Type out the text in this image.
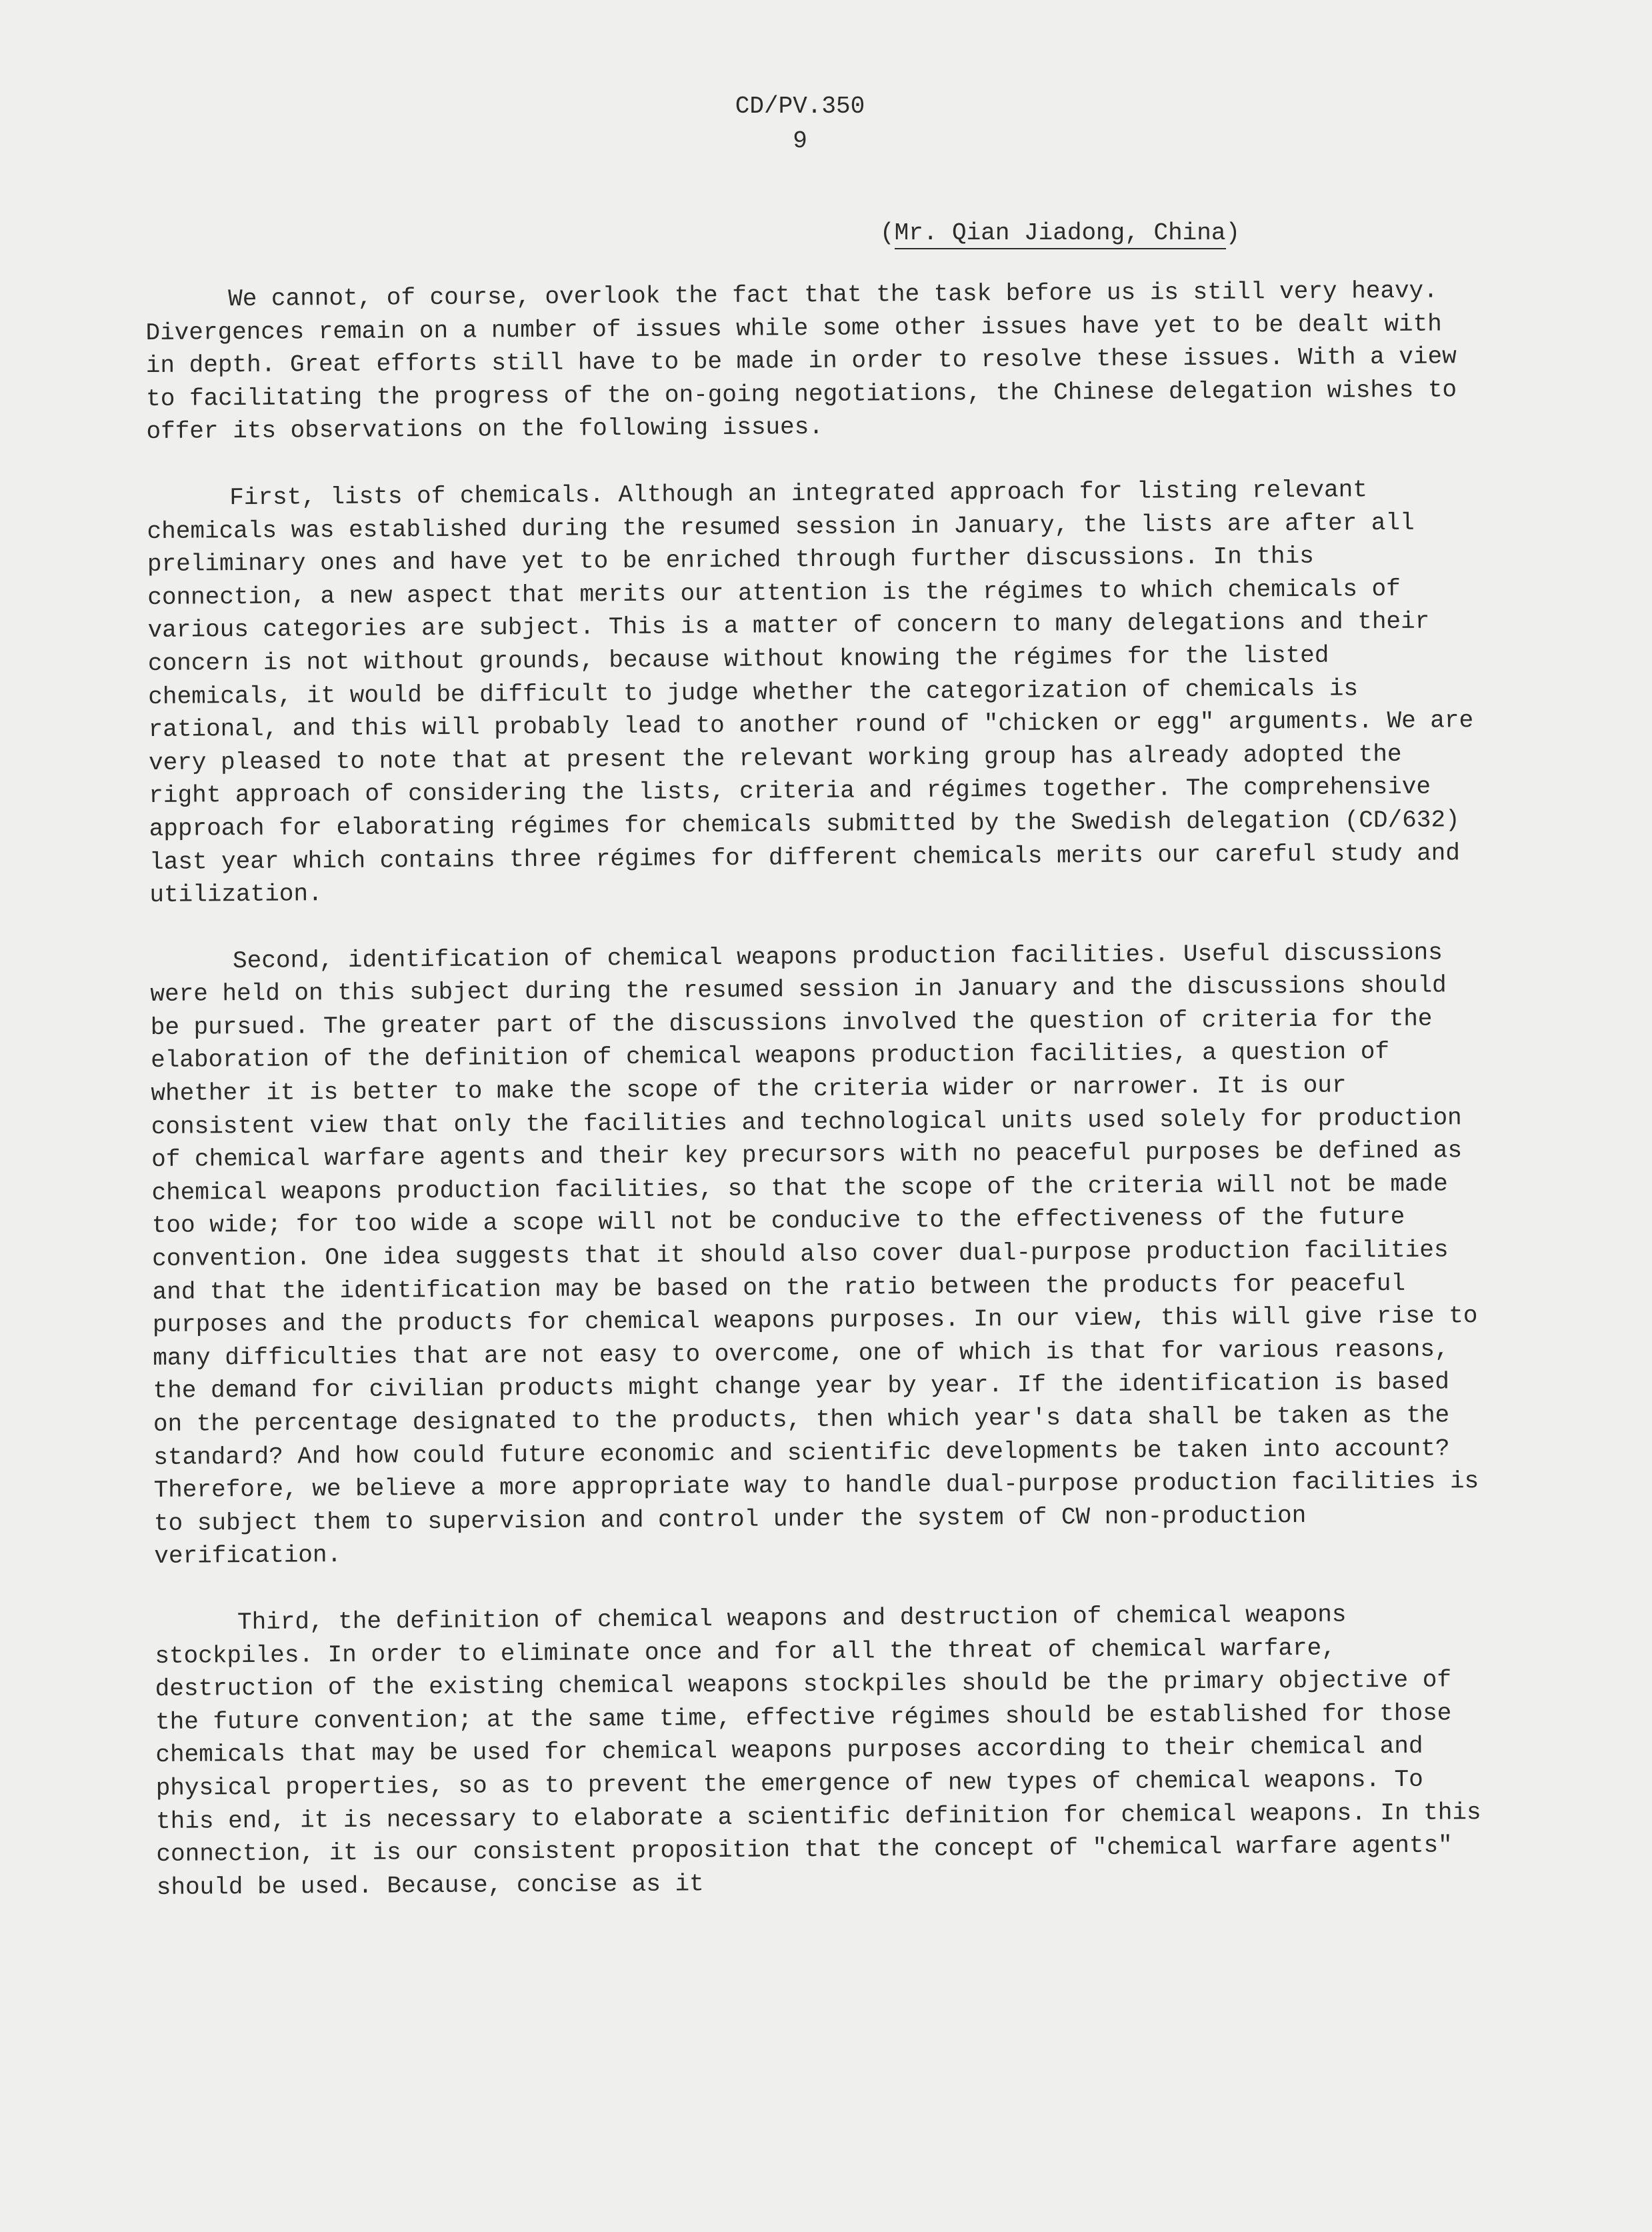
CD/PV.350
9
(Mr. Qian Jiadong, China)

We cannot, of course, overlook the fact that the task before us is still very heavy. Divergences remain on a number of issues while some other issues have yet to be dealt with in depth. Great efforts still have to be made in order to resolve these issues. With a view to facilitating the progress of the on-going negotiations, the Chinese delegation wishes to offer its observations on the following issues.

First, lists of chemicals. Although an integrated approach for listing relevant chemicals was established during the resumed session in January, the lists are after all preliminary ones and have yet to be enriched through further discussions. In this connection, a new aspect that merits our attention is the régimes to which chemicals of various categories are subject. This is a matter of concern to many delegations and their concern is not without grounds, because without knowing the régimes for the listed chemicals, it would be difficult to judge whether the categorization of chemicals is rational, and this will probably lead to another round of "chicken or egg" arguments. We are very pleased to note that at present the relevant working group has already adopted the right approach of considering the lists, criteria and régimes together. The comprehensive approach for elaborating régimes for chemicals submitted by the Swedish delegation (CD/632) last year which contains three régimes for different chemicals merits our careful study and utilization.

Second, identification of chemical weapons production facilities. Useful discussions were held on this subject during the resumed session in January and the discussions should be pursued. The greater part of the discussions involved the question of criteria for the elaboration of the definition of chemical weapons production facilities, a question of whether it is better to make the scope of the criteria wider or narrower. It is our consistent view that only the facilities and technological units used solely for production of chemical warfare agents and their key precursors with no peaceful purposes be defined as chemical weapons production facilities, so that the scope of the criteria will not be made too wide; for too wide a scope will not be conducive to the effectiveness of the future convention. One idea suggests that it should also cover dual-purpose production facilities and that the identification may be based on the ratio between the products for peaceful purposes and the products for chemical weapons purposes. In our view, this will give rise to many difficulties that are not easy to overcome, one of which is that for various reasons, the demand for civilian products might change year by year. If the identification is based on the percentage designated to the products, then which year's data shall be taken as the standard? And how could future economic and scientific developments be taken into account? Therefore, we believe a more appropriate way to handle dual-purpose production facilities is to subject them to supervision and control under the system of CW non-production verification.

Third, the definition of chemical weapons and destruction of chemical weapons stockpiles. In order to eliminate once and for all the threat of chemical warfare, destruction of the existing chemical weapons stockpiles should be the primary objective of the future convention; at the same time, effective régimes should be established for those chemicals that may be used for chemical weapons purposes according to their chemical and physical properties, so as to prevent the emergence of new types of chemical weapons. To this end, it is necessary to elaborate a scientific definition for chemical weapons. In this connection, it is our consistent proposition that the concept of "chemical warfare agents" should be used. Because, concise as it
